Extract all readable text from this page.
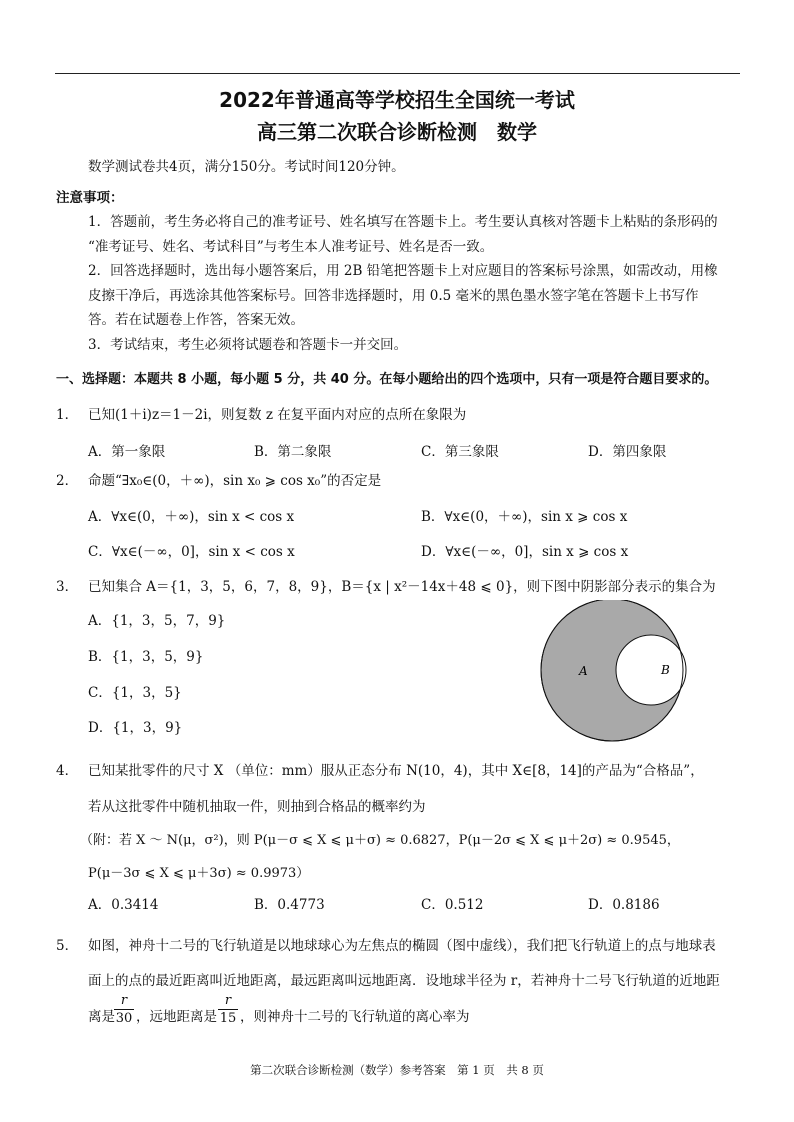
2022年普通高等学校招生全国统一考试
高三第二次联合诊断检测　数学
数学测试卷共4页，满分150分。考试时间120分钟。
注意事项：
1．答题前，考生务必将自己的准考证号、姓名填写在答题卡上。考生要认真核对答题卡上粘贴的条形码的
“准考证号、姓名、考试科目”与考生本人准考证号、姓名是否一致。
2．回答选择题时，选出每小题答案后，用 2B 铅笔把答题卡上对应题目的答案标号涂黑，如需改动，用橡
皮擦干净后，再选涂其他答案标号。回答非选择题时，用 0.5 毫米的黑色墨水签字笔在答题卡上书写作
答。若在试题卷上作答，答案无效。
3．考试结束，考生必须将试题卷和答题卡一并交回。
一、选择题：本题共 8 小题，每小题 5 分，共 40 分。在每小题给出的四个选项中，只有一项是符合题目要求的。
1． 已知(1＋i)z＝1－2i，则复数 z 在复平面内对应的点所在象限为
A．第一象限	B．第二象限	C．第三象限	D．第四象限
2． 命题“∃x₀∈(0，＋∞)，sin x₀ ⩾ cos x₀”的否定是
A．∀x∈(0，＋∞)，sin x < cos x	B．∀x∈(0，＋∞)，sin x ⩾ cos x
C．∀x∈(－∞，0]，sin x < cos x	D．∀x∈(－∞，0]，sin x ⩾ cos x
3． 已知集合 A＝{1，3，5，6，7，8，9}，B＝{x | x²－14x＋48 ⩽ 0}，则下图中阴影部分表示的集合为
A．{1，3，5，7，9}
B．{1，3，5，9}
C．{1，3，5}
D．{1，3，9}
A	B
4． 已知某批零件的尺寸 X （单位：mm）服从正态分布 N(10，4)，其中 X∈[8，14]的产品为“合格品”，
若从这批零件中随机抽取一件，则抽到合格品的概率约为
（附：若 X ～ N(μ，σ²)，则 P(μ－σ ⩽ X ⩽ μ＋σ) ≈ 0.6827，P(μ－2σ ⩽ X ⩽ μ＋2σ) ≈ 0.9545，
P(μ－3σ ⩽ X ⩽ μ＋3σ) ≈ 0.9973）
A．0.3414	B．0.4773	C．0.512	D．0.8186
5． 如图，神舟十二号的飞行轨道是以地球球心为左焦点的椭圆（图中虚线），我们把飞行轨道上的点与地球表
面上的点的最近距离叫近地距离，最远距离叫远地距离．设地球半径为 r，若神舟十二号飞行轨道的近地距
离是
r
30 ，远地距离是
r
15 ，则神舟十二号的飞行轨道的离心率为
第二次联合诊断检测（数学）参考答案　第 1 页　共 8 页
